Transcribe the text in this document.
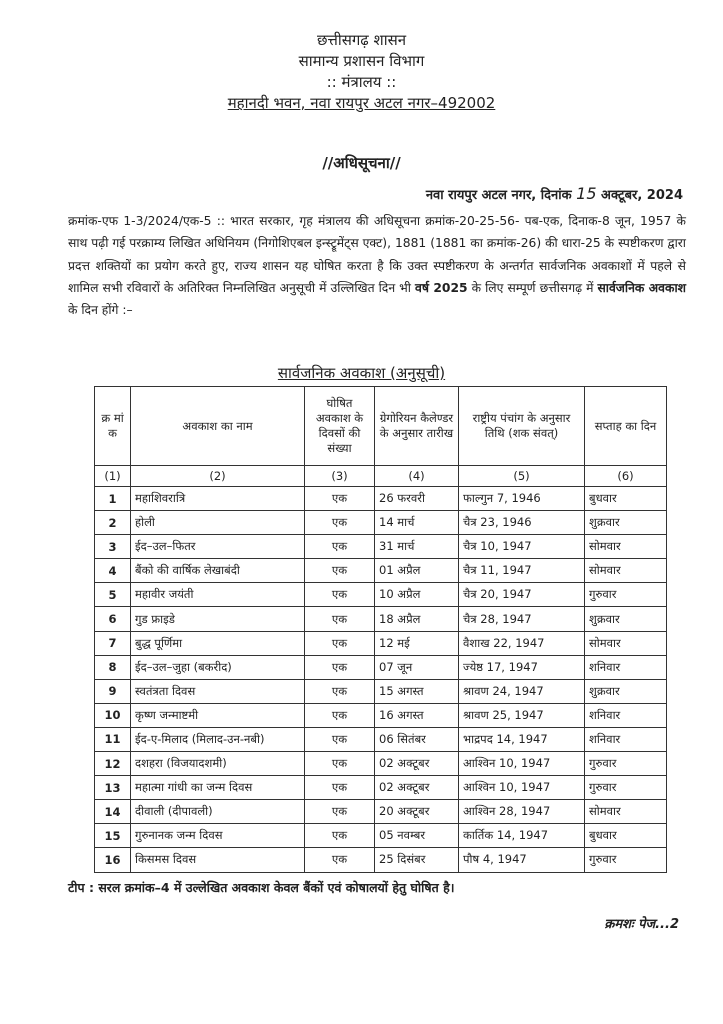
छत्तीसगढ़ शासन
सामान्य प्रशासन विभाग
:: मंत्रालय ::
महानदी भवन, नवा रायपुर अटल नगर–492002
//अधिसूचना//
नवा रायपुर अटल नगर, दिनांक 15 अक्टूबर, 2024
क्रमांक-एफ 1-3/2024/एक-5 :: भारत सरकार, गृह मंत्रालय की अधिसूचना क्रमांक-20-25-56- पब-एक, दिनाक-8 जून, 1957 के साथ पढ़ी गई परक्राम्य लिखित अधिनियम (निगोशिएबल इन्स्ट्रूमेंट्स एक्ट), 1881 (1881 का क्रमांक-26) की धारा-25 के स्पष्टीकरण द्वारा प्रदत्त शक्तियों का प्रयोग करते हुए, राज्य शासन यह घोषित करता है कि उक्त स्पष्टीकरण के अन्तर्गत सार्वजनिक अवकाशों में पहले से शामिल सभी रविवारों के अतिरिक्त निम्नलिखित अनुसूची में उल्लिखित दिन भी वर्ष 2025 के लिए सम्पूर्ण छत्तीसगढ़ में सार्वजनिक अवकाश के दिन होंगे :–
सार्वजनिक अवकाश (अनुसूची)
क्र मां क	अवकाश का नाम	घोषित अवकाश के दिवसों की संख्या	ग्रेगोरियन कैलेण्डर के अनुसार तारीख	राष्ट्रीय पंचांग के अनुसार तिथि (शक संवत्)	सप्ताह का दिन
(1)	(2)	(3)	(4)	(5)	(6)
1	महाशिवरात्रि	एक	26 फरवरी	फाल्गुन 7, 1946	बुधवार
2	होली	एक	14 मार्च	चैत्र 23, 1946	शुक्रवार
3	ईद–उल–फितर	एक	31 मार्च	चैत्र 10, 1947	सोमवार
4	बैंको की वार्षिक लेखाबंदी	एक	01 अप्रैल	चैत्र 11, 1947	सोमवार
5	महावीर जयंती	एक	10 अप्रैल	चैत्र 20, 1947	गुरुवार
6	गुड फ्राइडे	एक	18 अप्रैल	चैत्र 28, 1947	शुक्रवार
7	बुद्ध पूर्णिमा	एक	12 मई	वैशाख 22, 1947	सोमवार
8	ईद–उल–जुहा (बकरीद)	एक	07 जून	ज्येष्ठ 17, 1947	शनिवार
9	स्वतंत्रता दिवस	एक	15 अगस्त	श्रावण 24, 1947	शुक्रवार
10	कृष्ण जन्माष्टमी	एक	16 अगस्त	श्रावण 25, 1947	शनिवार
11	ईद-ए-मिलाद (मिलाद-उन-नबी)	एक	06 सितंबर	भाद्रपद 14, 1947	शनिवार
12	दशहरा (विजयादशमी)	एक	02 अक्टूबर	आश्विन 10, 1947	गुरुवार
13	महात्मा गांधी का जन्म दिवस	एक	02 अक्टूबर	आश्विन 10, 1947	गुरुवार
14	दीवाली (दीपावली)	एक	20 अक्टूबर	आश्विन 28, 1947	सोमवार
15	गुरुनानक जन्म दिवस	एक	05 नवम्बर	कार्तिक 14, 1947	बुधवार
16	किसमस दिवस	एक	25 दिसंबर	पौष 4, 1947	गुरुवार
टीप : सरल क्रमांक–4 में उल्लेखित अवकाश केवल बैंकों एवं कोषालयों हेतु घोषित है।
क्रमशः पेज...2
